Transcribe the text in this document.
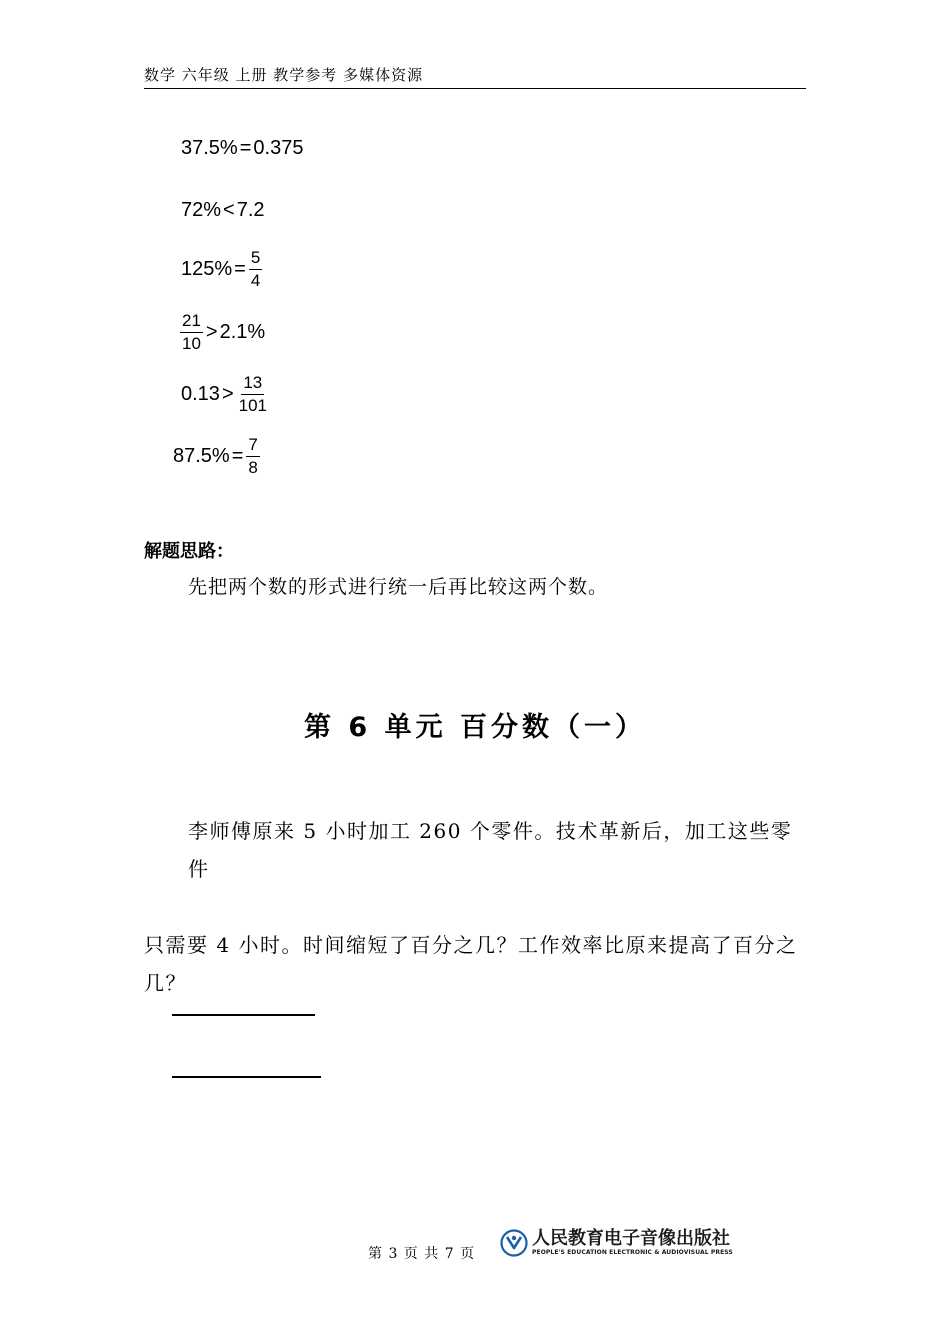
数学 六年级 上册 教学参考 多媒体资源
37.5% = 0.375
72% < 7.2
$125\% = \frac{5}{4}$
$\frac{21}{10} > 2.1\%$
$0.13 > \frac{13}{101}$
$87.5\% = \frac{7}{8}$
解题思路：
先把两个数的形式进行统一后再比较这两个数。
第 6 单元 百分数（一）

李师傅原来 5 小时加工 260 个零件。技术革新后，加工这些零件

只需要 4 小时。时间缩短了百分之几？工作效率比原来提高了百分之几？

第 3 页 共 7 页
人民教育电子音像出版社
PEOPLE'S EDUCATION ELECTRONIC & AUDIOVISUAL PRESS
